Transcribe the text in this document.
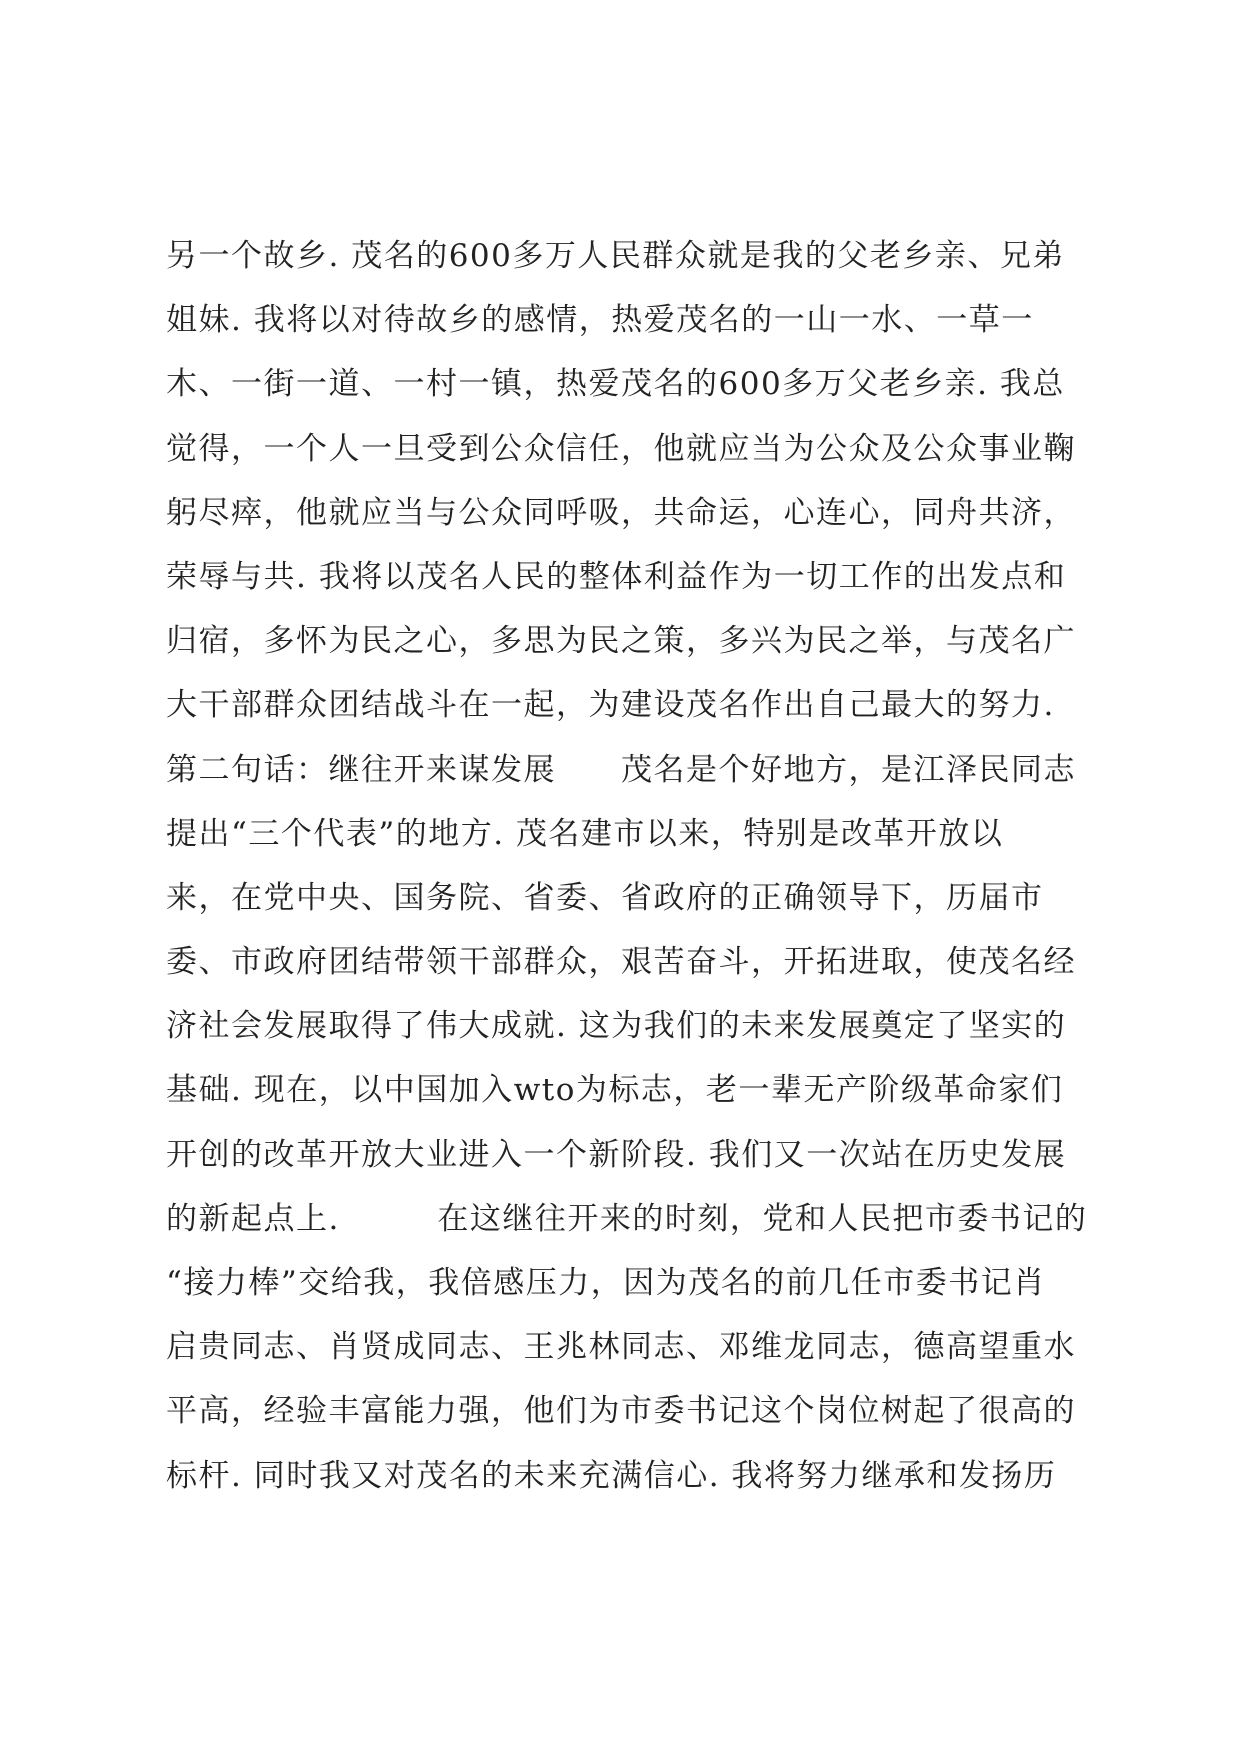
另一个故乡. 茂名的600多万人民群众就是我的父老乡亲、兄弟
姐妹. 我将以对待故乡的感情，热爱茂名的一山一水、一草一
木、一街一道、一村一镇，热爱茂名的600多万父老乡亲. 我总
觉得，一个人一旦受到公众信任，他就应当为公众及公众事业鞠
躬尽瘁，他就应当与公众同呼吸，共命运，心连心，同舟共济，
荣辱与共. 我将以茂名人民的整体利益作为一切工作的出发点和
归宿，多怀为民之心，多思为民之策，多兴为民之举，与茂名广
大干部群众团结战斗在一起，为建设茂名作出自己最大的努力.
第二句话：继往开来谋发展　　茂名是个好地方，是江泽民同志
提出“三个代表”的地方. 茂名建市以来，特别是改革开放以
来，在党中央、国务院、省委、省政府的正确领导下，历届市
委、市政府团结带领干部群众，艰苦奋斗，开拓进取，使茂名经
济社会发展取得了伟大成就. 这为我们的未来发展奠定了坚实的
基础. 现在，以中国加入wto为标志，老一辈无产阶级革命家们
开创的改革开放大业进入一个新阶段. 我们又一次站在历史发展
的新起点上.　　　在这继往开来的时刻，党和人民把市委书记的
“接力棒”交给我，我倍感压力，因为茂名的前几任市委书记肖
启贵同志、肖贤成同志、王兆林同志、邓维龙同志，德高望重水
平高，经验丰富能力强，他们为市委书记这个岗位树起了很高的
标杆. 同时我又对茂名的未来充满信心. 我将努力继承和发扬历
